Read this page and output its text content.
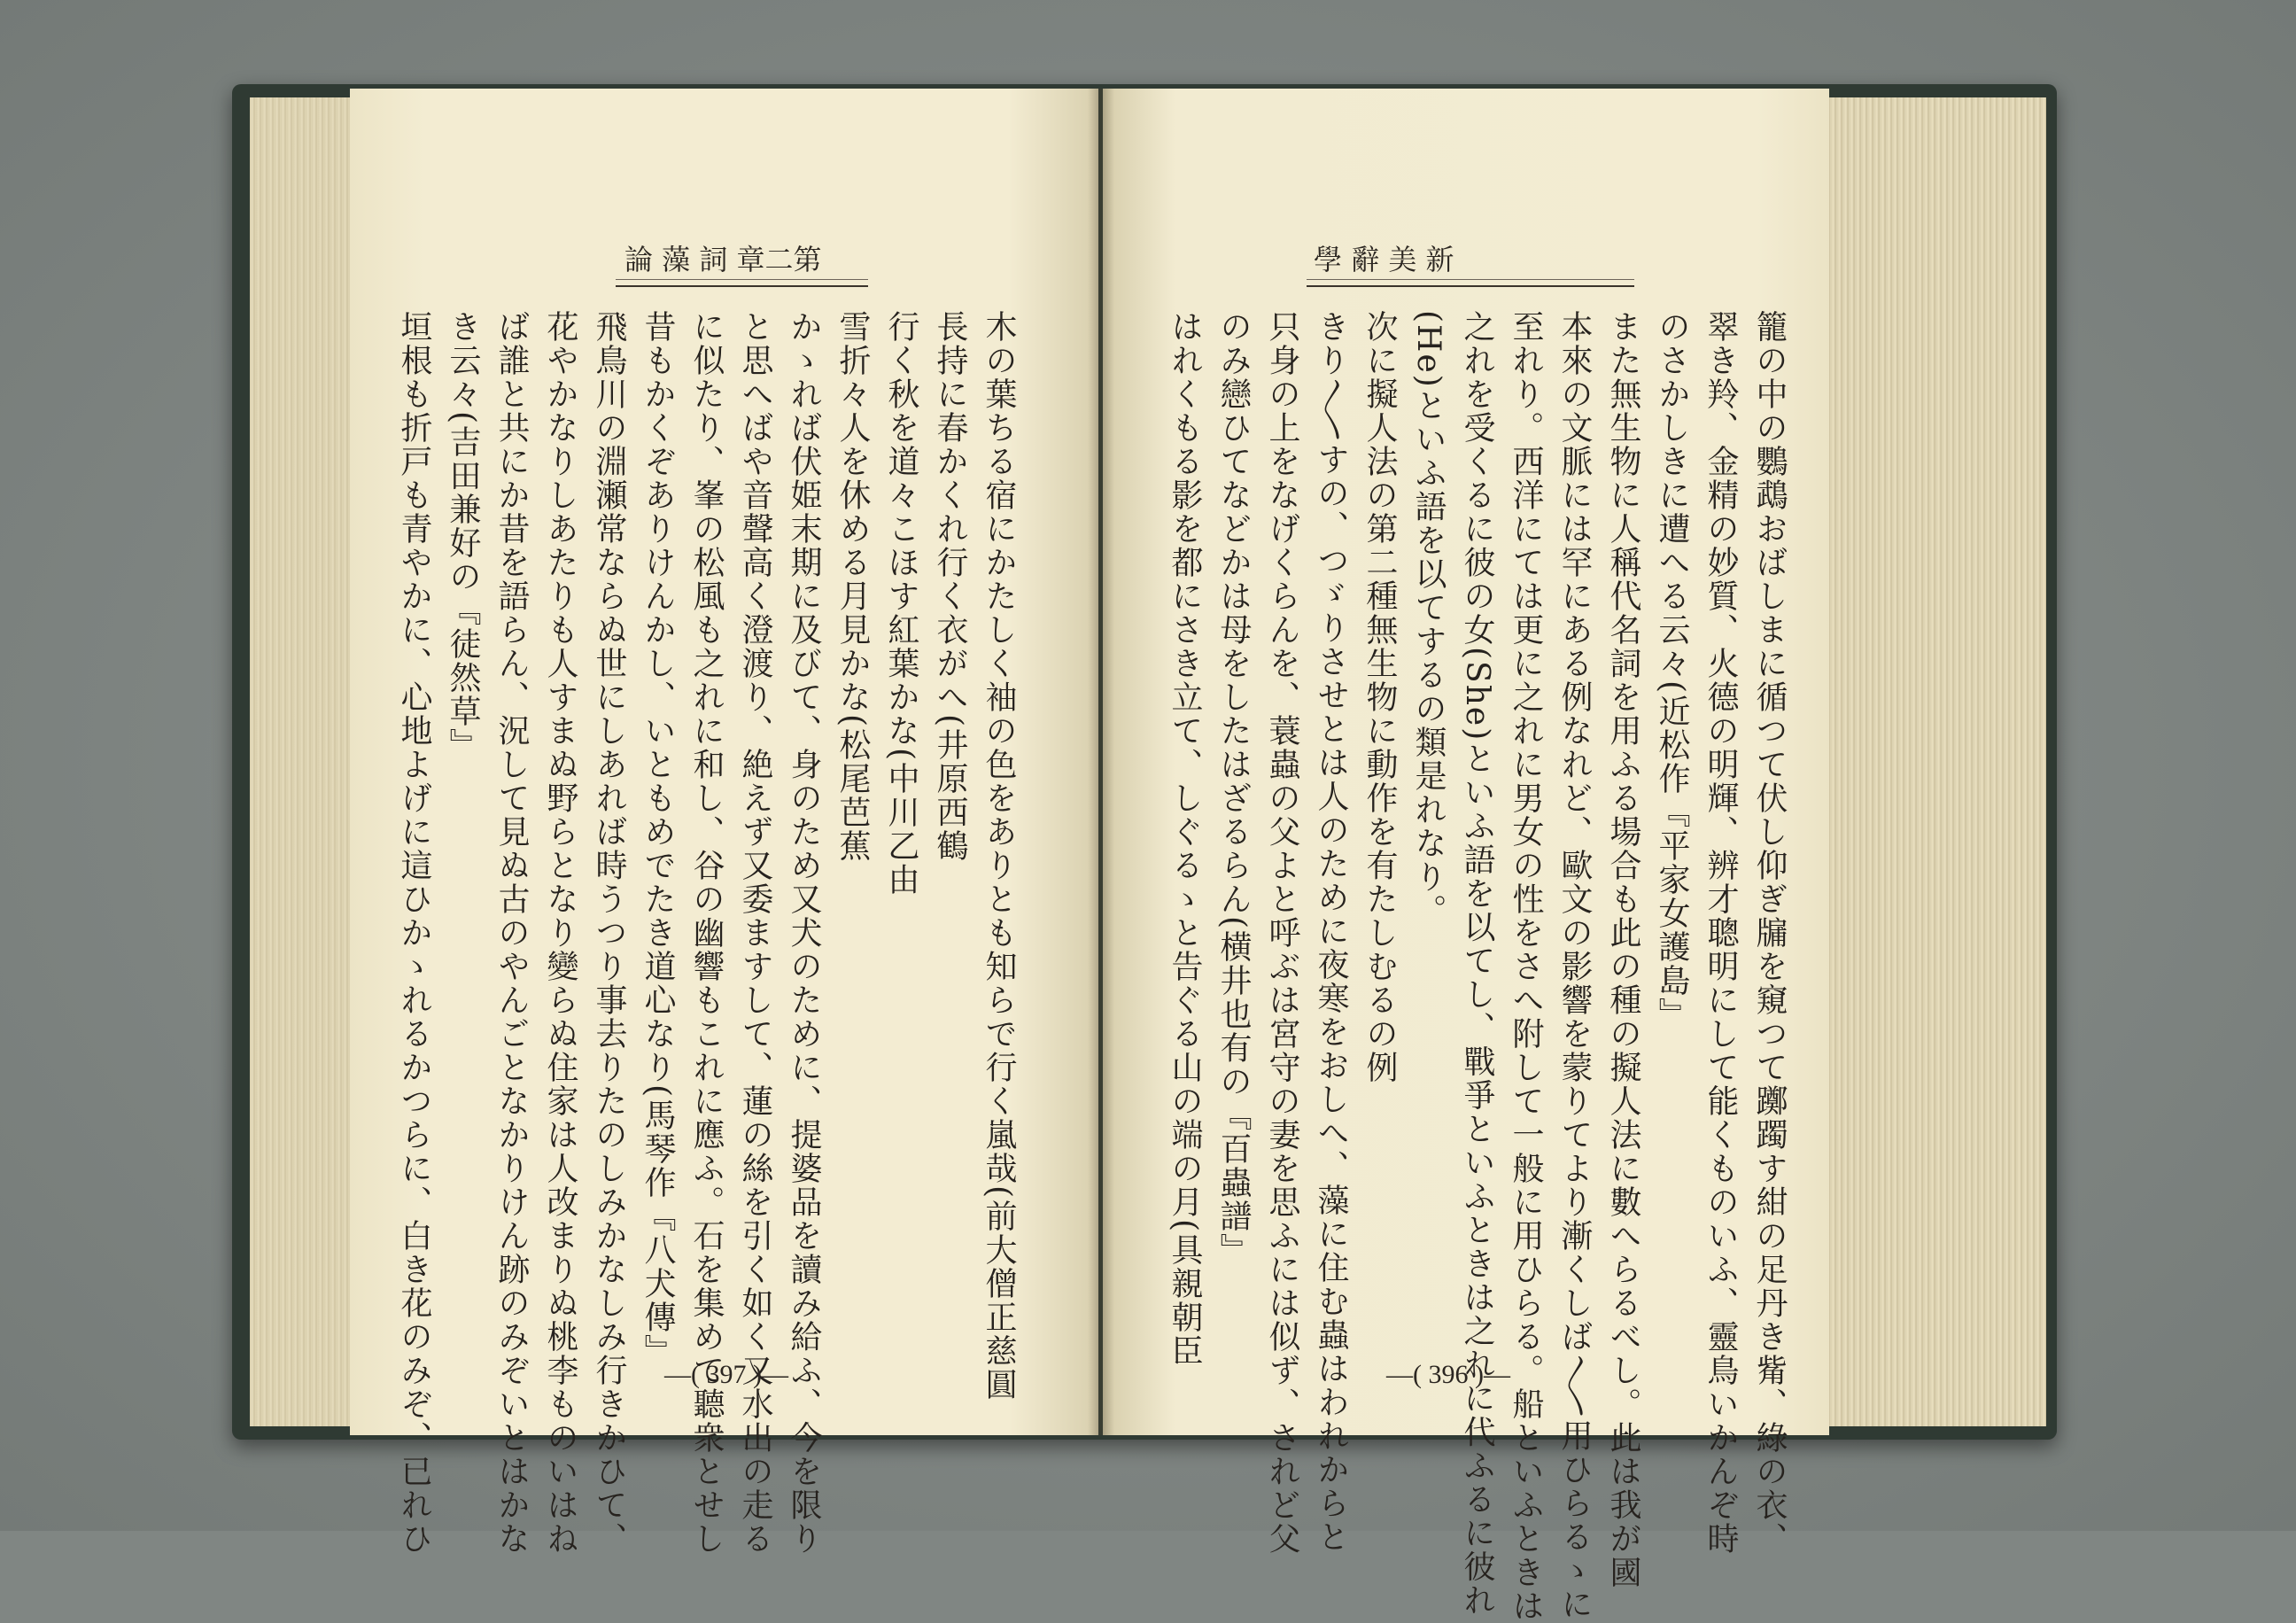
論 藻 詞 章二第
木の葉ちる宿にかたしく袖の色をありとも知らで行く嵐哉(前大僧正慈圓
長持に春かくれ行く衣がへ(井原西鶴
行く秋を道々こほす紅葉かな(中川乙由
雪折々人を休める月見かな(松尾芭蕉
かゝれば伏姫末期に及びて、身のため又犬のために、提婆品を讀み給ふ、今を限り
と思へばや音聲高く澄渡り、絶えず又委ますして、蓮の絲を引く如く又水出の走る
に似たり、峯の松風も之れに和し、谷の幽響もこれに應ふ。石を集めて聽衆とせし
昔もかくぞありけんかし、いともめでたき道心なり(馬琴作『八犬傳』
飛鳥川の淵瀬常ならぬ世にしあれば時うつり事去りたのしみかなしみ行きかひて、
花やかなりしあたりも人すまぬ野らとなり變らぬ住家は人改まりぬ桃李ものいはね
ば誰と共にか昔を語らん、況して見ぬ古のやんごとなかりけん跡のみぞいとはかな
き云々(吉田兼好の『徒然草』
垣根も折戸も青やかに、心地よげに這ひかゝれるかつらに、白き花のみぞ、已れひ	—( 397 )—
學 辭 美 新
籠の中の鸚鵡おばしまに循つて伏し仰ぎ牖を窺つて躑躅す紺の足丹き觜、綠の衣、
翠き羚、金精の妙質、火德の明輝、辨才聰明にして能くものいふ、靈鳥いかんぞ時
のさかしきに遭へる云々(近松作『平家女護島』
また無生物に人稱代名詞を用ふる場合も此の種の擬人法に數へらるべし。此は我が國
本來の文脈には罕にある例なれど、歐文の影響を蒙りてより漸くしば〳〵用ひらるゝに
至れり。西洋にては更に之れに男女の性をさへ附して一般に用ひらる。船といふときは
之れを受くるに彼の女(She)といふ語を以てし、戰爭といふときは之れに代ふるに彼れ
(He)といふ語を以てするの類是れなり。
次に擬人法の第二種無生物に動作を有たしむるの例
きり〳〵すの、つゞりさせとは人のために夜寒をおしへ、藻に住む蟲はわれからと
只身の上をなげくらんを、蓑蟲の父よと呼ぶは宮守の妻を思ふには似ず、されど父
のみ戀ひてなどかは母をしたはざるらん(横井也有の『百蟲譜』
はれくもる影を都にさき立て、しぐるゝと告ぐる山の端の月(具親朝臣
—( 396 )—
